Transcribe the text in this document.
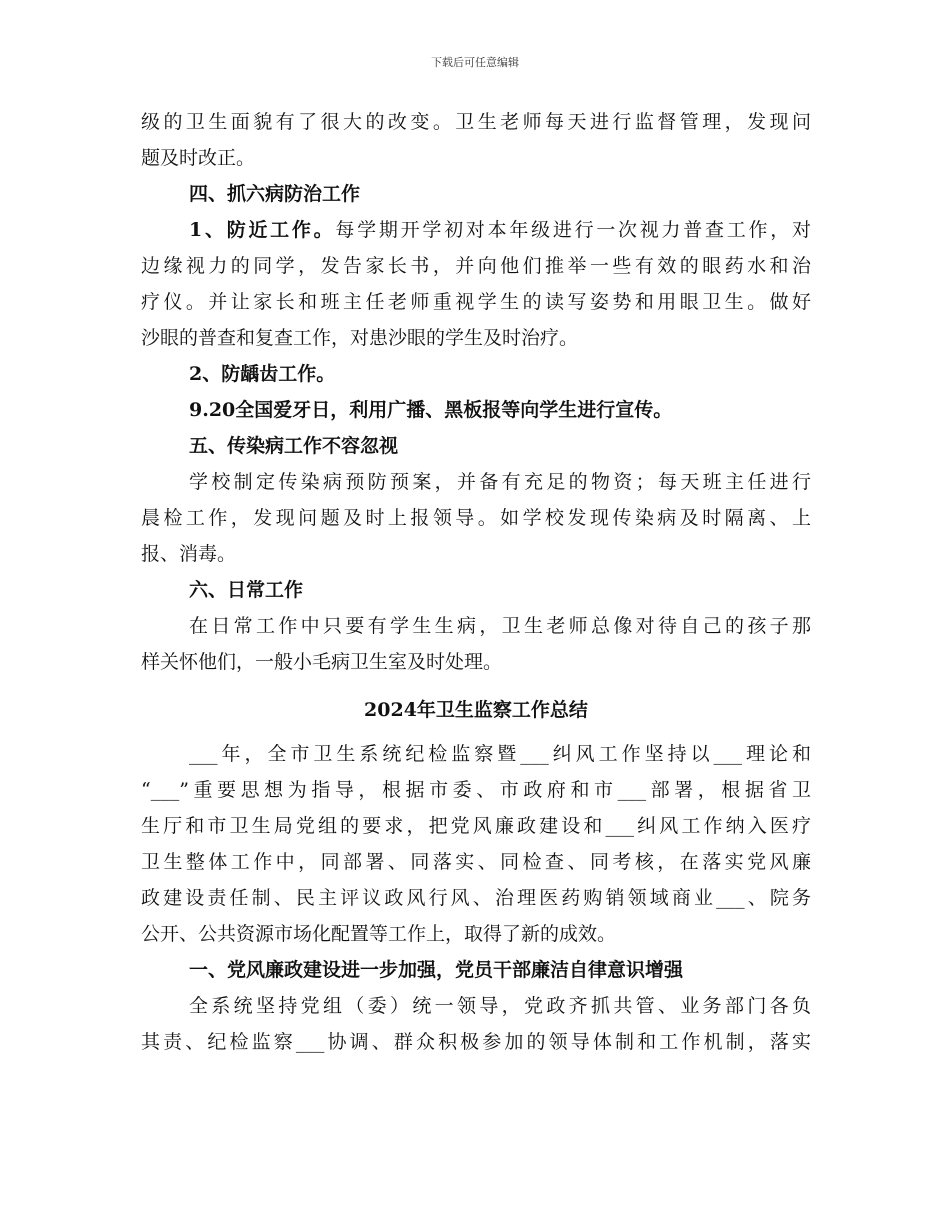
下载后可任意编辑
级的卫生面貌有了很大的改变。卫生老师每天进行监督管理，发现问
题及时改正。
四、抓六病防治工作
1、防近工作。每学期开学初对本年级进行一次视力普查工作，对
边缘视力的同学，发告家长书，并向他们推举一些有效的眼药水和治
疗仪。并让家长和班主任老师重视学生的读写姿势和用眼卫生。做好
沙眼的普查和复查工作，对患沙眼的学生及时治疗。
2、防龋齿工作。
9.20全国爱牙日，利用广播、黑板报等向学生进行宣传。
五、传染病工作不容忽视
学校制定传染病预防预案，并备有充足的物资；每天班主任进行
晨检工作，发现问题及时上报领导。如学校发现传染病及时隔离、上
报、消毒。
六、日常工作
在日常工作中只要有学生生病，卫生老师总像对待自己的孩子那
样关怀他们，一般小毛病卫生室及时处理。
2024年卫生监察工作总结
___年，全市卫生系统纪检监察暨___纠风工作坚持以___理论和
“___”重要思想为指导，根据市委、市政府和市___部署，根据省卫
生厅和市卫生局党组的要求，把党风廉政建设和___纠风工作纳入医疗
卫生整体工作中，同部署、同落实、同检查、同考核，在落实党风廉
政建设责任制、民主评议政风行风、治理医药购销领域商业___、院务
公开、公共资源市场化配置等工作上，取得了新的成效。
一、党风廉政建设进一步加强，党员干部廉洁自律意识增强
全系统坚持党组（委）统一领导，党政齐抓共管、业务部门各负
其责、纪检监察___协调、群众积极参加的领导体制和工作机制，落实
